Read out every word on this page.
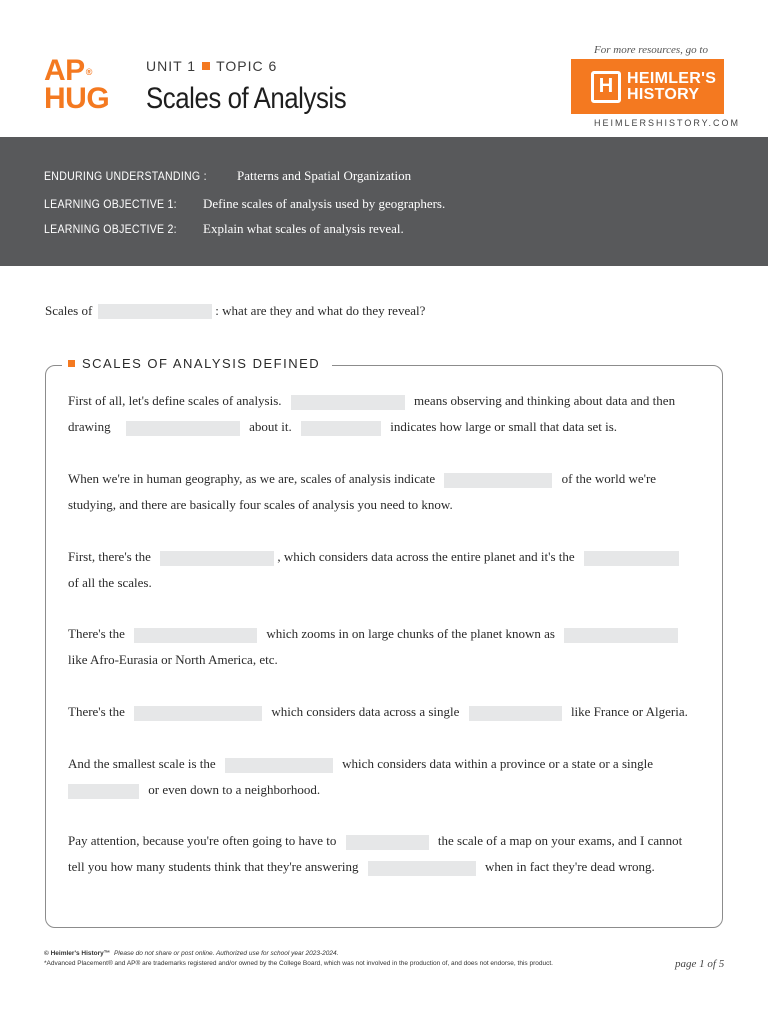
AP®
HUG
UNIT 1 TOPIC 6
Scales of Analysis
For more resources, go to
H HEIMLER'S
HISTORY
HEIMLERSHISTORY.COM
ENDURING UNDERSTANDING : Patterns and Spatial Organization
LEARNING OBJECTIVE 1: Define scales of analysis used by geographers.
LEARNING OBJECTIVE 2: Explain what scales of analysis reveal.
Scales of	: what are they and what do they reveal?
SCALES OF ANALYSIS DEFINED
First of all, let's define scales of analysis.	means observing and thinking about data and then
drawing	about it.	indicates how large or small that data set is.
When we're in human geography, as we are, scales of analysis indicate	of the world we're
studying, and there are basically four scales of analysis you need to know.
First, there's the	, which considers data across the entire planet and it's the
of all the scales.
There's the	which zooms in on large chunks of the planet known as
like Afro-Eurasia or North America, etc.
There's the	which considers data across a single	like France or Algeria.
And the smallest scale is the	which considers data within a province or a state or a single
or even down to a neighborhood.
Pay attention, because you're often going to have to	the scale of a map on your exams, and I cannot
tell you how many students think that they're answering	when in fact they're dead wrong.
© Heimler's History™ Please do not share or post online. Authorized use for school year 2023-2024.
*Advanced Placement® and AP® are trademarks registered and/or owned by the College Board, which was not involved in the production of, and does not endorse, this product.	page 1 of 5
